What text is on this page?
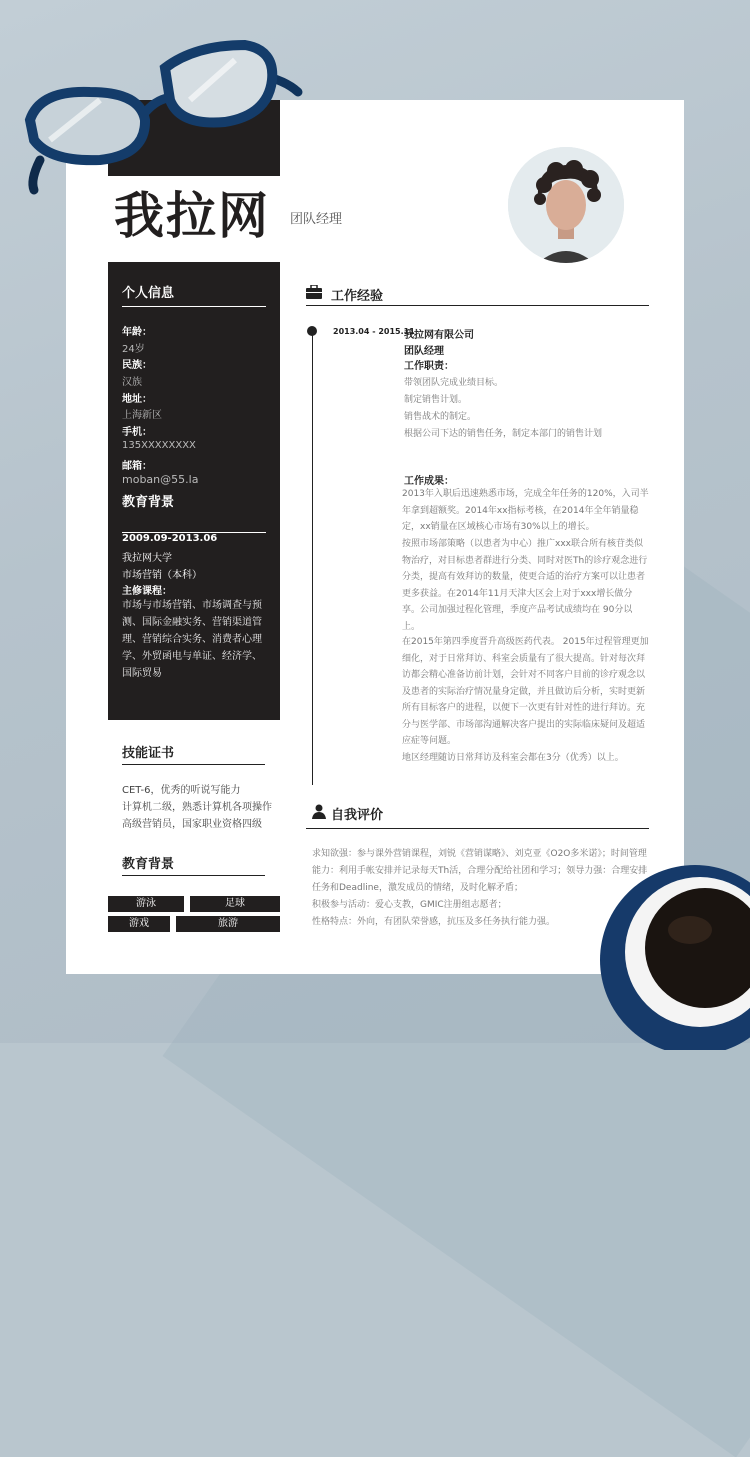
我拉网 团队经理
个人信息
年龄：
24岁
民族：
汉族
地址：
上海新区
手机：
135XXXXXXXX
邮箱：
moban@55.la
教育背景
2009.09-2013.06
我拉网大学
市场营销（本科）
主修课程：
市场与市场营销、市场调查与预测、国际金融实务、营销渠道管理、营销综合实务、消费者心理学、外贸函电与单证、经济学、国际贸易
技能证书
CET-6，优秀的听说写能力
计算机二级，熟悉计算机各项操作
高级营销员，国家职业资格四级
教育背景
游泳	足球
游戏	旅游
工作经验
2013.04 - 2015.11
我拉网有限公司
团队经理
工作职责：
带领团队完成业绩目标。
制定销售计划。
销售战术的制定。
根据公司下达的销售任务，制定本部门的销售计划
工作成果：
2013年入职后迅速熟悉市场，完成全年任务的120%，入司半年拿到超额奖。2014年xx指标考核，在2014年全年销量稳定，xx销量在区域核心市场有30%以上的增长。
按照市场部策略（以患者为中心）推广xxx联合所有核苷类似物治疗，对目标患者群进行分类、同时对医Th的诊疗观念进行分类，提高有效拜访的数量，使更合适的治疗方案可以让患者更多获益。在2014年11月天津大区会上对于xxx增长做分享。公司加强过程化管理，季度产品考试成绩均在 90分以上。
在2015年第四季度晋升高级医药代表。 2015年过程管理更加细化，对于日常拜访、科室会质量有了很大提高。针对每次拜访都会精心准备访前计划，会针对不同客户目前的诊疗观念以及患者的实际治疗情况量身定做，并且做访后分析，实时更新所有目标客户的进程，以便下一次更有针对性的进行拜访。充分与医学部、市场部沟通解决客户提出的实际临床疑问及超适应症等问题。
地区经理随访日常拜访及科室会都在3分（优秀）以上。
自我评价
求知欲强：参与课外营销课程，刘锐《营销谋略》、刘克亚《O2O多米诺》；时间管理能力：利用手帐安排并记录每天Th活，合理分配给社团和学习；领导力强：合理安排任务和Deadline，激发成员的情绪，及时化解矛盾；
积极参与活动：爱心支教，GMIC注册组志愿者；
性格特点：外向，有团队荣誉感，抗压及多任务执行能力强。
